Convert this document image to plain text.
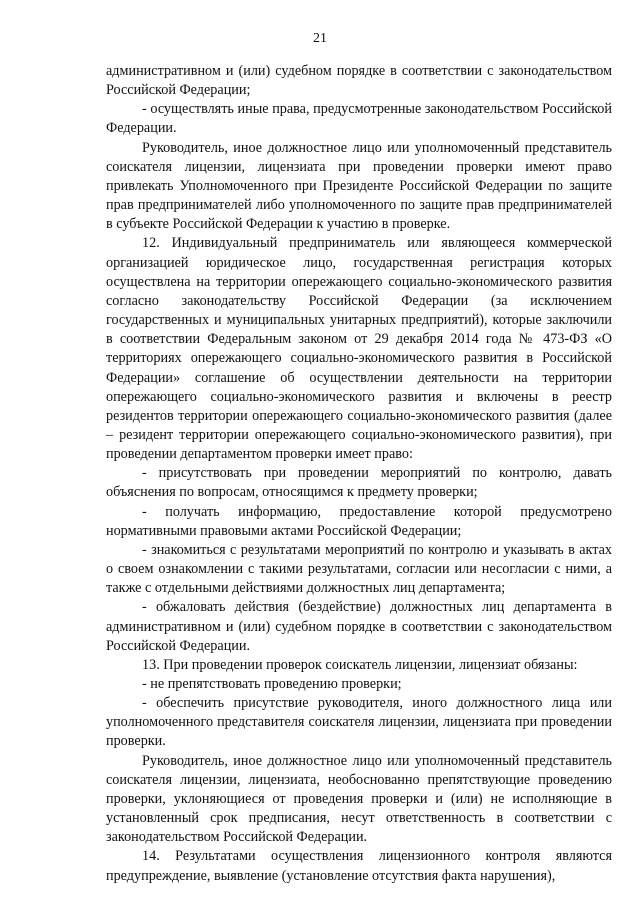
21

административном и (или) судебном порядке в соответствии с законодательством Российской Федерации;

- осуществлять иные права, предусмотренные законодательством Российской Федерации.

Руководитель, иное должностное лицо или уполномоченный представитель соискателя лицензии, лицензиата при проведении проверки имеют право привлекать Уполномоченного при Президенте Российской Федерации по защите прав предпринимателей либо уполномоченного по защите прав предпринимателей в субъекте Российской Федерации к участию в проверке.

12. Индивидуальный предприниматель или являющееся коммерческой организацией юридическое лицо, государственная регистрация которых осуществлена на территории опережающего социально-экономического развития согласно законодательству Российской Федерации (за исключением государственных и муниципальных унитарных предприятий), которые заключили в соответствии Федеральным законом от 29 декабря 2014 года № 473-ФЗ «О территориях опережающего социально-экономического развития в Российской Федерации» соглашение об осуществлении деятельности на территории опережающего социально-экономического развития и включены в реестр резидентов территории опережающего социально-экономического развития (далее – резидент территории опережающего социально-экономического развития), при проведении департаментом проверки имеет право:

- присутствовать при проведении мероприятий по контролю, давать объяснения по вопросам, относящимся к предмету проверки;

- получать информацию, предоставление которой предусмотрено нормативными правовыми актами Российской Федерации;

- знакомиться с результатами мероприятий по контролю и указывать в актах о своем ознакомлении с такими результатами, согласии или несогласии с ними, а также с отдельными действиями должностных лиц департамента;

- обжаловать действия (бездействие) должностных лиц департамента в административном и (или) судебном порядке в соответствии с законодательством Российской Федерации.

13. При проведении проверок соискатель лицензии, лицензиат обязаны:

- не препятствовать проведению проверки;

- обеспечить присутствие руководителя, иного должностного лица или уполномоченного представителя соискателя лицензии, лицензиата при проведении проверки.

Руководитель, иное должностное лицо или уполномоченный представитель соискателя лицензии, лицензиата, необоснованно препятствующие проведению проверки, уклоняющиеся от проведения проверки и (или) не исполняющие в установленный срок предписания, несут ответственность в соответствии с законодательством Российской Федерации.

14. Результатами осуществления лицензионного контроля являются предупреждение, выявление (установление отсутствия факта нарушения),
